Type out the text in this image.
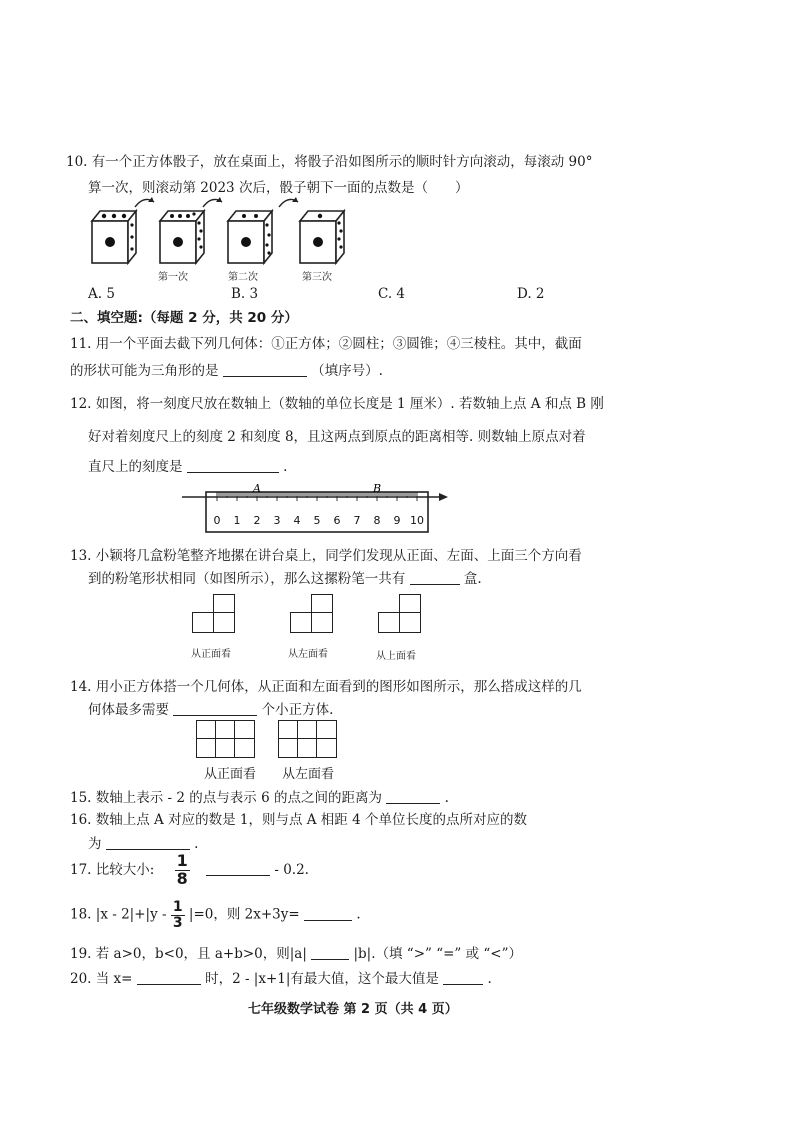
10. 有一个正方体骰子，放在桌面上，将骰子沿如图所示的顺时针方向滚动，每滚动 90°
算一次，则滚动第 2023 次后，骰子朝下一面的点数是（　　）
第一次	第二次	第三次
A. 5	B. 3	C. 4	D. 2
二、填空题:（每题 2 分，共 20 分）
11. 用一个平面去截下列几何体：①正方体；②圆柱；③圆锥；④三棱柱。其中，截面
的形状可能为三角形的是	（填序号）.
12. 如图，将一刻度尺放在数轴上（数轴的单位长度是 1 厘米）. 若数轴上点 A 和点 B 刚
好对着刻度尺上的刻度 2 和刻度 8，且这两点到原点的距离相等. 则数轴上原点对着
直尺上的刻度是	.
0 1 2 3 4 5 6 7 8 9 10
A	B
13. 小颖将几盒粉笔整齐地摞在讲台桌上，同学们发现从正面、左面、上面三个方向看
到的粉笔形状相同（如图所示），那么这摞粉笔一共有	盒.
从正面看	从左面看	从上面看
14. 用小正方体搭一个几何体，从正面和左面看到的图形如图所示，那么搭成这样的几
何体最多需要	个小正方体.
从正面看 从左面看
15. 数轴上表示 - 2 的点与表示 6 的点之间的距离为	.
16. 数轴上点 A 对应的数是 1，则与点 A 相距 4 个单位长度的点所对应的数
为	.
17. 比较大小: $\frac{1}{8}$	- 0.2.
18. $|x - 2|+|y - \frac{1}{3} |=0$，则 2x+3y=	.
19. 若 a>0，b<0，且 a+b>0，则|a|	|b|.（填 “>” “=” 或 “<”）
20. 当 x=	时，2 - |x+1|有最大值，这个最大值是	.
七年级数学试卷 第 2 页（共 4 页）
